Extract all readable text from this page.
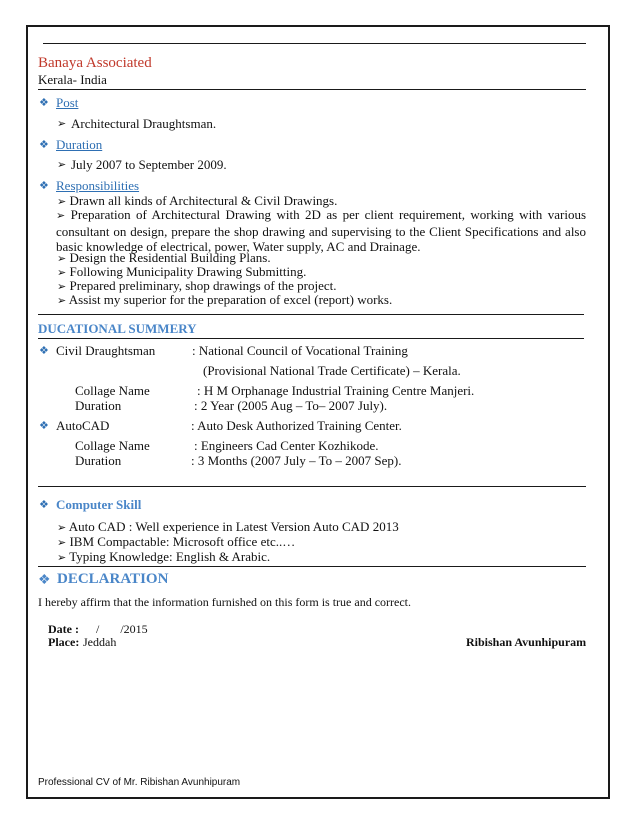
Banaya Associated
Kerala- India
❖ Post
➢ Architectural Draughtsman.
❖ Duration
➢ July 2007 to September 2009.
❖ Responsibilities
➢ Drawn all kinds of Architectural & Civil Drawings.
➢ Preparation of Architectural Drawing with 2D as per client requirement, working with various consultant on design, prepare the shop drawing and supervising to the Client Specifications and also basic knowledge of electrical, power, Water supply, AC and Drainage.
➢ Design the Residential Building Plans.
➢ Following Municipality Drawing Submitting.
➢ Prepared preliminary, shop drawings of the project.
➢ Assist my superior for the preparation of excel (report) works.
DUCATIONAL SUMMERY
❖ Civil Draughtsman	: National Council of Vocational Training
(Provisional National Trade Certificate) – Kerala.
Collage Name	: H M Orphanage Industrial Training Centre Manjeri.
Duration	: 2 Year (2005 Aug – To– 2007 July).
❖ AutoCAD	: Auto Desk Authorized Training Center.
Collage Name	: Engineers Cad Center Kozhikode.
Duration	: 3 Months (2007 July – To – 2007 Sep).
❖ Computer Skill
➢ Auto CAD : Well experience in Latest Version Auto CAD 2013
➢ IBM Compactable: Microsoft office etc..…
➢ Typing Knowledge: English & Arabic.
❖ DECLARATION
I hereby affirm that the information furnished on this form is true and correct.
Date : /       /2015
Place: Jeddah	Ribishan Avunhipuram
Professional CV of Mr. Ribishan Avunhipuram
